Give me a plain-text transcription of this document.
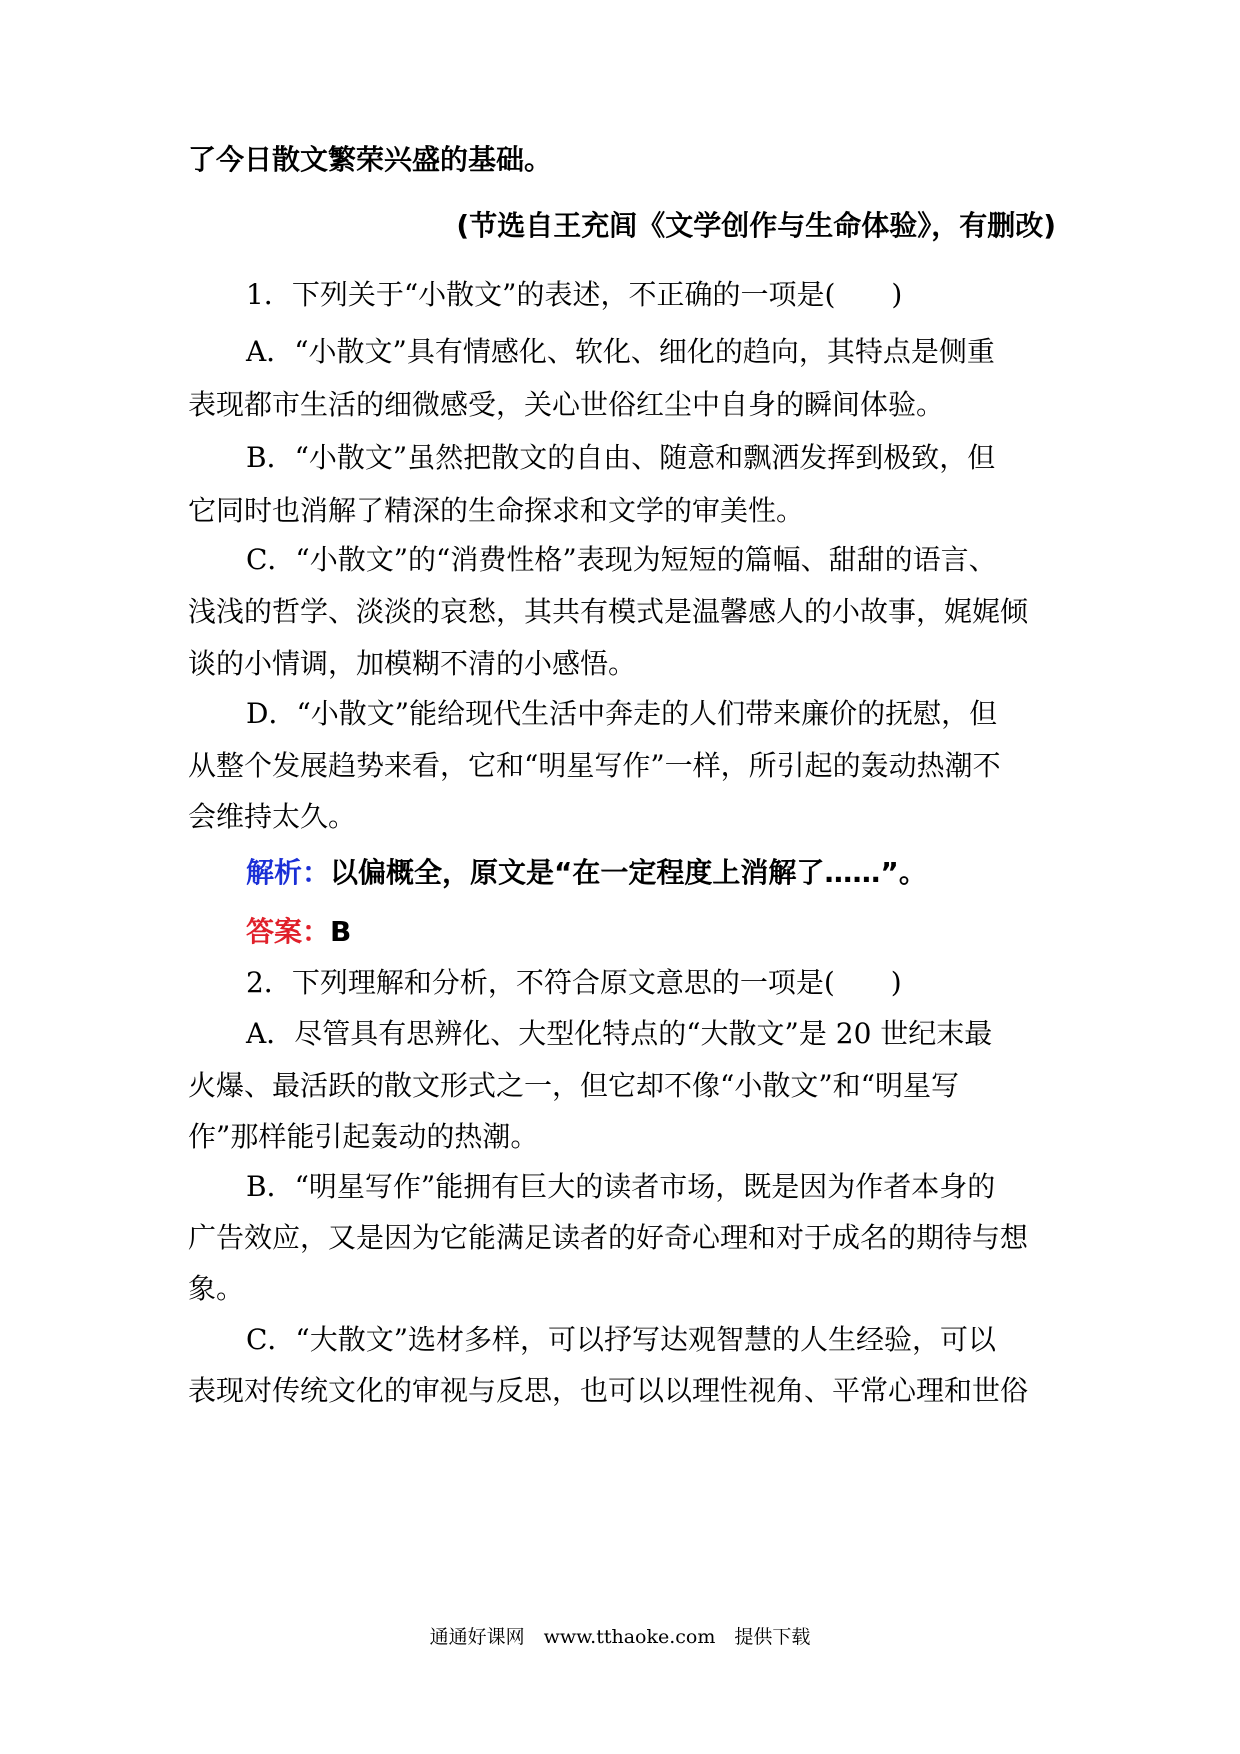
了今日散文繁荣兴盛的基础。
(节选自王充闾《文学创作与生命体验》，有删改)
1．下列关于“小散文”的表述，不正确的一项是(　　)
A．“小散文”具有情感化、软化、细化的趋向，其特点是侧重
表现都市生活的细微感受，关心世俗红尘中自身的瞬间体验。
B．“小散文”虽然把散文的自由、随意和飘洒发挥到极致，但
它同时也消解了精深的生命探求和文学的审美性。
C．“小散文”的“消费性格”表现为短短的篇幅、甜甜的语言、
浅浅的哲学、淡淡的哀愁，其共有模式是温馨感人的小故事，娓娓倾
谈的小情调，加模糊不清的小感悟。
D．“小散文”能给现代生活中奔走的人们带来廉价的抚慰，但
从整个发展趋势来看，它和“明星写作”一样，所引起的轰动热潮不
会维持太久。
解析：以偏概全，原文是“在一定程度上消解了……”。
答案：B
2．下列理解和分析，不符合原文意思的一项是(　　)
A．尽管具有思辨化、大型化特点的“大散文”是 20 世纪末最
火爆、最活跃的散文形式之一，但它却不像“小散文”和“明星写
作”那样能引起轰动的热潮。
B．“明星写作”能拥有巨大的读者市场，既是因为作者本身的
广告效应，又是因为它能满足读者的好奇心理和对于成名的期待与想
象。
C．“大散文”选材多样，可以抒写达观智慧的人生经验，可以
表现对传统文化的审视与反思，也可以以理性视角、平常心理和世俗
通通好课网　www.tthaoke.com　提供下载
